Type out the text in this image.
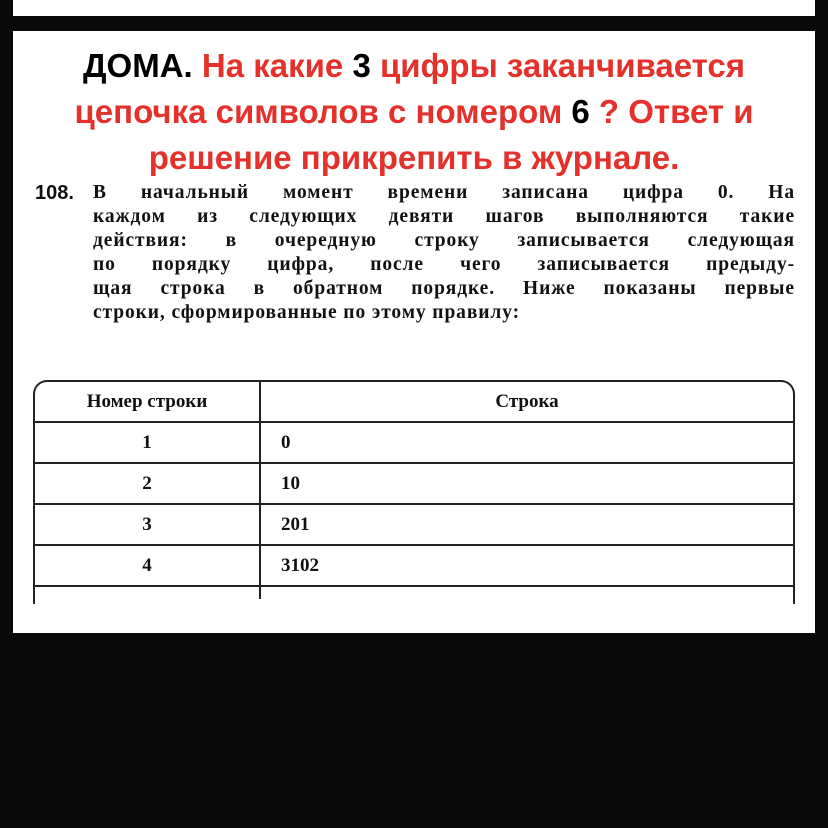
ДОМА. На какие 3 цифры заканчивается
цепочка символов с номером 6 ? Ответ и
решение прикрепить в журнале.
108. В начальный момент времени записана цифра 0. На
каждом из следующих девяти шагов выполняются такие
действия: в очередную строку записывается следующая
по порядку цифра, после чего записывается предыду-
щая строка в обратном порядке. Ниже показаны первые
строки, сформированные по этому правилу:
Номер строки	Строка
1	0
2	10
3	201
4	3102
